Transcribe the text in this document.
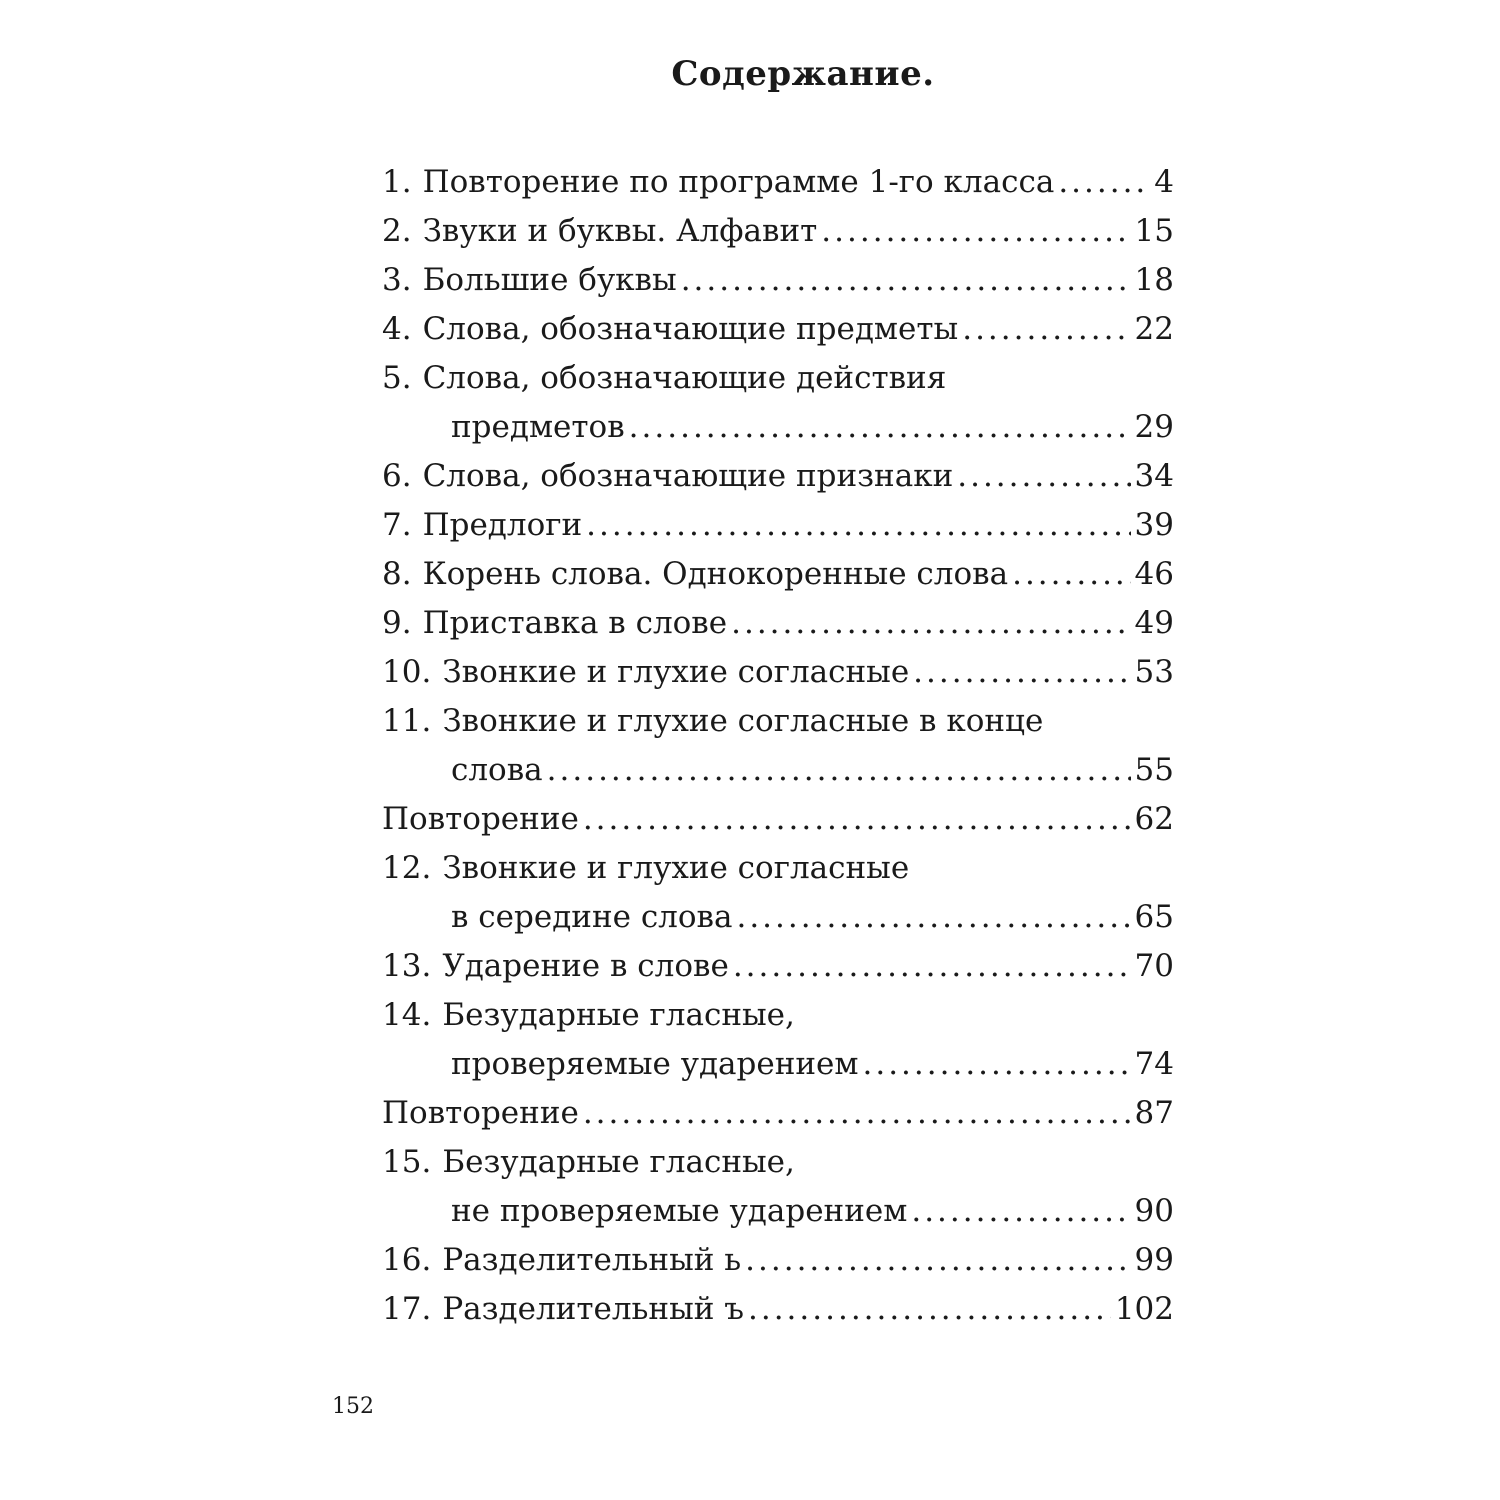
Содержание.
1. Повторение по программе 1-го класса .....	4
2. Звуки и буквы. Алфавит .....	15
3. Большие буквы .....	18
4. Слова, обозначающие предметы .....	22
5. Слова, обозначающие действия
предметов .....	29
6. Слова, обозначающие признаки .....	34
7. Предлоги .....	39
8. Корень слова. Однокоренные слова .....	46
9. Приставка в слове .....	49
10. Звонкие и глухие согласные .....	53
11. Звонкие и глухие согласные в конце
слова .....	55
Повторение .....	62
12. Звонкие и глухие согласные
в середине слова .....	65
13. Ударение в слове .....	70
14. Безударные гласные,
проверяемые ударением .....	74
Повторение .....	87
15. Безударные гласные,
не проверяемые ударением .....	90
16. Разделительный ь .....	99
17. Разделительный ъ .....	102
152
